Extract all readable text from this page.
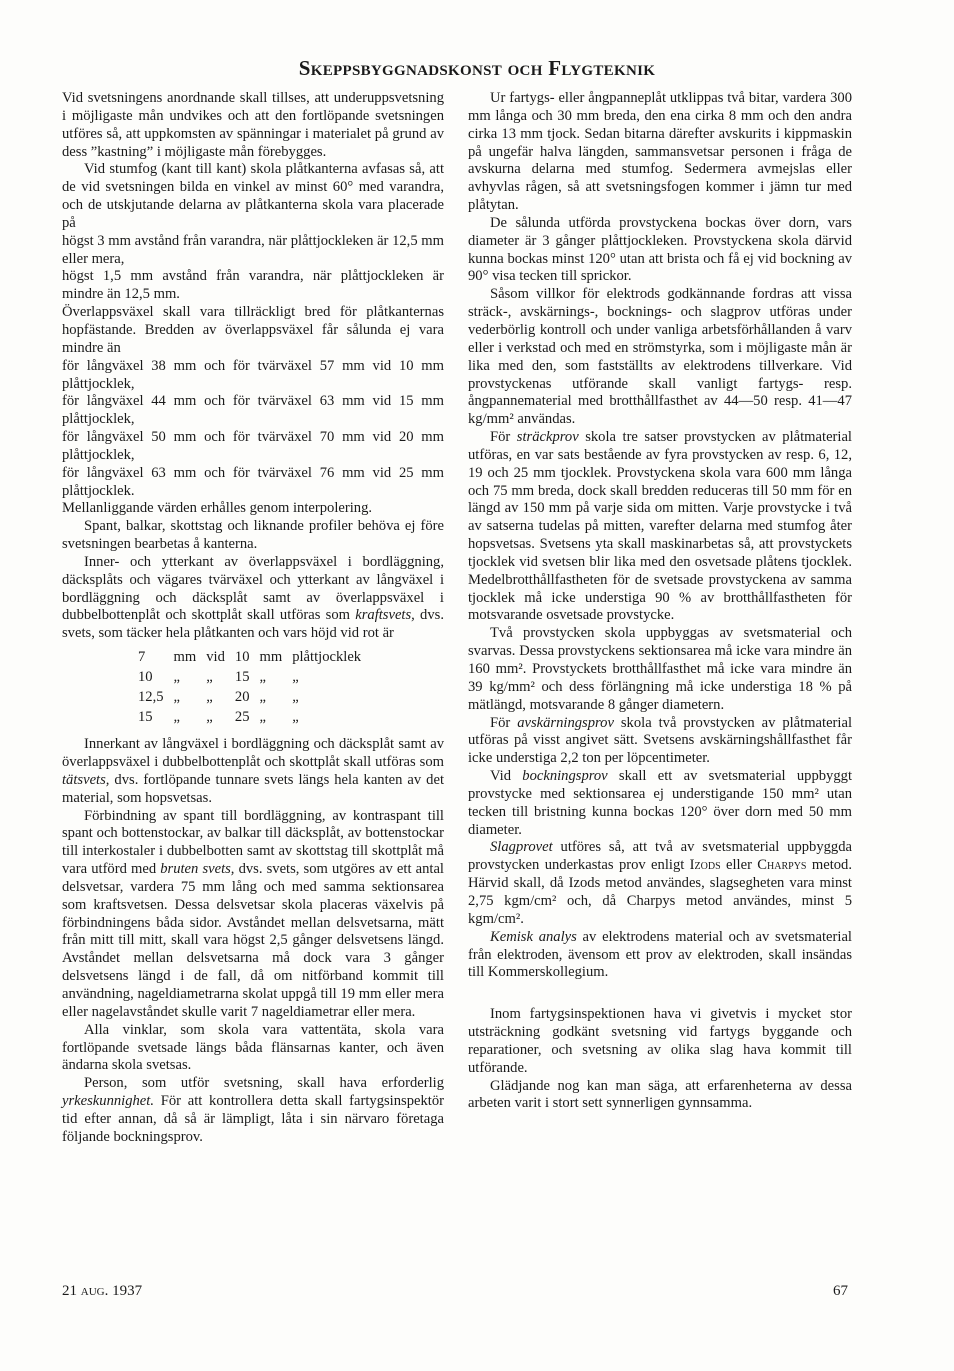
Skeppsbyggnadskonst och Flygteknik

Vid svetsningens anordnande skall tillses, att underuppsvetsning i möjligaste mån undvikes och att den fortlöpande svetsningen utföres så, att uppkomsten av spänningar i materialet på grund av dess ”kastning” i möjligaste mån förebygges.

Vid stumfog (kant till kant) skola plåtkanterna avfasas så, att de vid svetsningen bilda en vinkel av minst 60° med varandra, och de utskjutande delarna av plåtkanterna skola vara placerade på

högst 3 mm avstånd från varandra, när plåttjockleken är 12,5 mm eller mera,

högst 1,5 mm avstånd från varandra, när plåttjockleken är mindre än 12,5 mm.

Överlappsväxel skall vara tillräckligt bred för plåtkanternas hopfästande. Bredden av överlappsväxel får sålunda ej vara mindre än

för långväxel 38 mm och för tvärväxel 57 mm vid 10 mm plåttjocklek,

för långväxel 44 mm och för tvärväxel 63 mm vid 15 mm plåttjocklek,

för långväxel 50 mm och för tvärväxel 70 mm vid 20 mm plåttjocklek,

för långväxel 63 mm och för tvärväxel 76 mm vid 25 mm plåttjocklek.

Mellanliggande värden erhålles genom interpolering.

Spant, balkar, skottstag och liknande profiler behöva ej före svetsningen bearbetas å kanterna.

Inner- och ytterkant av överlappsväxel i bordläggning, däcksplåts och vägares tvärväxel och ytterkant av långväxel i bordläggning och däcksplåt samt av överlappsväxel i dubbelbottenplåt och skottplåt skall utföras som kraftsvets, dvs. svets, som täcker hela plåtkanten och vars höjd vid rot är

7	mm	vid	10	mm	plåttjocklek
10	„	„	15	„	„
12,5	„	„	20	„	„
15	„	„	25	„	„

Innerkant av långväxel i bordläggning och däcksplåt samt av överlappsväxel i dubbelbottenplåt och skottplåt skall utföras som tätsvets, dvs. fortlöpande tunnare svets längs hela kanten av det material, som hopsvetsas.

Förbindning av spant till bordläggning, av kontraspant till spant och bottenstockar, av balkar till däcksplåt, av bottenstockar till interkostaler i dubbelbotten samt av skottstag till skottplåt må vara utförd med bruten svets, dvs. svets, som utgöres av ett antal delsvetsar, vardera 75 mm lång och med samma sektionsarea som kraftsvetsen. Dessa delsvetsar skola placeras växelvis på förbindningens båda sidor. Avståndet mellan delsvetsarna, mätt från mitt till mitt, skall vara högst 2,5 gånger delsvetsens längd. Avståndet mellan delsvetsarna må dock vara 3 gånger delsvetsens längd i de fall, då om nitförband kommit till användning, nageldiametrarna skolat uppgå till 19 mm eller mera eller nagelavståndet skulle varit 7 nageldiametrar eller mera.

Alla vinklar, som skola vara vattentäta, skola vara fortlöpande svetsade längs båda flänsarnas kanter, och även ändarna skola svetsas.

Person, som utför svetsning, skall hava erforderlig yrkeskunnighet. För att kontrollera detta skall fartygsinspektör tid efter annan, då så är lämpligt, låta i sin närvaro företaga följande bockningsprov.

Ur fartygs- eller ångpanneplåt utklippas två bitar, vardera 300 mm långa och 30 mm breda, den ena cirka 8 mm och den andra cirka 13 mm tjock. Sedan bitarna därefter avskurits i kippmaskin på ungefär halva längden, sammansvetsar personen i fråga de avskurna delarna med stumfog. Sedermera avmejslas eller avhyvlas rågen, så att svetsningsfogen kommer i jämn tur med plåtytan.

De sålunda utförda provstyckena bockas över dorn, vars diameter är 3 gånger plåttjockleken. Provstyckena skola därvid kunna bockas minst 120° utan att brista och få ej vid bockning av 90° visa tecken till sprickor.

Såsom villkor för elektrods godkännande fordras att vissa sträck-, avskärnings-, bocknings- och slagprov utföras under vederbörlig kontroll och under vanliga arbetsförhållanden å varv eller i verkstad och med en strömstyrka, som i möjligaste mån är lika med den, som fastställts av elektrodens tillverkare. Vid provstyckenas utförande skall vanligt fartygs- resp. ångpannematerial med brotthållfasthet av 44—50 resp. 41—47 kg/mm² användas.

För sträckprov skola tre satser provstycken av plåtmaterial utföras, en var sats bestående av fyra provstycken av resp. 6, 12, 19 och 25 mm tjocklek. Provstyckena skola vara 600 mm långa och 75 mm breda, dock skall bredden reduceras till 50 mm för en längd av 150 mm på varje sida om mitten. Varje provstycke i två av satserna tudelas på mitten, varefter delarna med stumfog åter hopsvetsas. Svetsens yta skall maskinarbetas så, att provstyckets tjocklek vid svetsen blir lika med den osvetsade plåtens tjocklek. Medelbrotthållfastheten för de svetsade provstyckena av samma tjocklek må icke understiga 90 % av brotthållfastheten för motsvarande osvetsade provstycke.

Två provstycken skola uppbyggas av svetsmaterial och svarvas. Dessa provstyckens sektionsarea må icke vara mindre än 160 mm². Provstyckets brotthållfasthet må icke vara mindre än 39 kg/mm² och dess förlängning må icke understiga 18 % på mätlängd, motsvarande 8 gånger diametern.

För avskärningsprov skola två provstycken av plåtmaterial utföras på visst angivet sätt. Svetsens avskärningshållfasthet får icke understiga 2,2 ton per löpcentimeter.

Vid bockningsprov skall ett av svetsmaterial uppbyggt provstycke med sektionsarea ej understigande 150 mm² utan tecken till bristning kunna bockas 120° över dorn med 50 mm diameter.

Slagprovet utföres så, att två av svetsmaterial uppbyggda provstycken underkastas prov enligt Izods eller Charpys metod. Härvid skall, då Izods metod användes, slagsegheten vara minst 2,75 kgm/cm² och, då Charpys metod användes, minst 5 kgm/cm².

Kemisk analys av elektrodens material och av svetsmaterial från elektroden, ävensom ett prov av elektroden, skall insändas till Kommerskollegium.

Inom fartygsinspektionen hava vi givetvis i mycket stor utsträckning godkänt svetsning vid fartygs byggande och reparationer, och svetsning av olika slag hava kommit till utförande.

Glädjande nog kan man säga, att erfarenheterna av dessa arbeten varit i stort sett synnerligen gynnsamma.

21 aug. 1937	67
